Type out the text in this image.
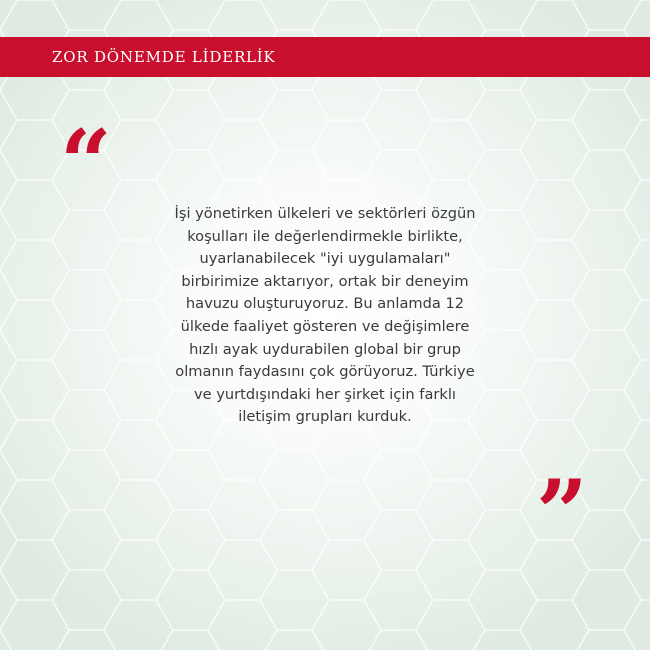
ZOR DÖNEMDE LİDERLİK
“	İşi yönetirken ülkeleri ve sektörleri özgün
koşulları ile değerlendirmekle birlikte,
uyarlanabilecek "iyi uygulamaları"
birbirimize aktarıyor, ortak bir deneyim
havuzu oluşturuyoruz. Bu anlamda 12
ülkede faaliyet gösteren ve değişimlere
hızlı ayak uydurabilen global bir grup
olmanın faydasını çok görüyoruz. Türkiye
ve yurtdışındaki her şirket için farklı
iletişim grupları kurduk.

”
